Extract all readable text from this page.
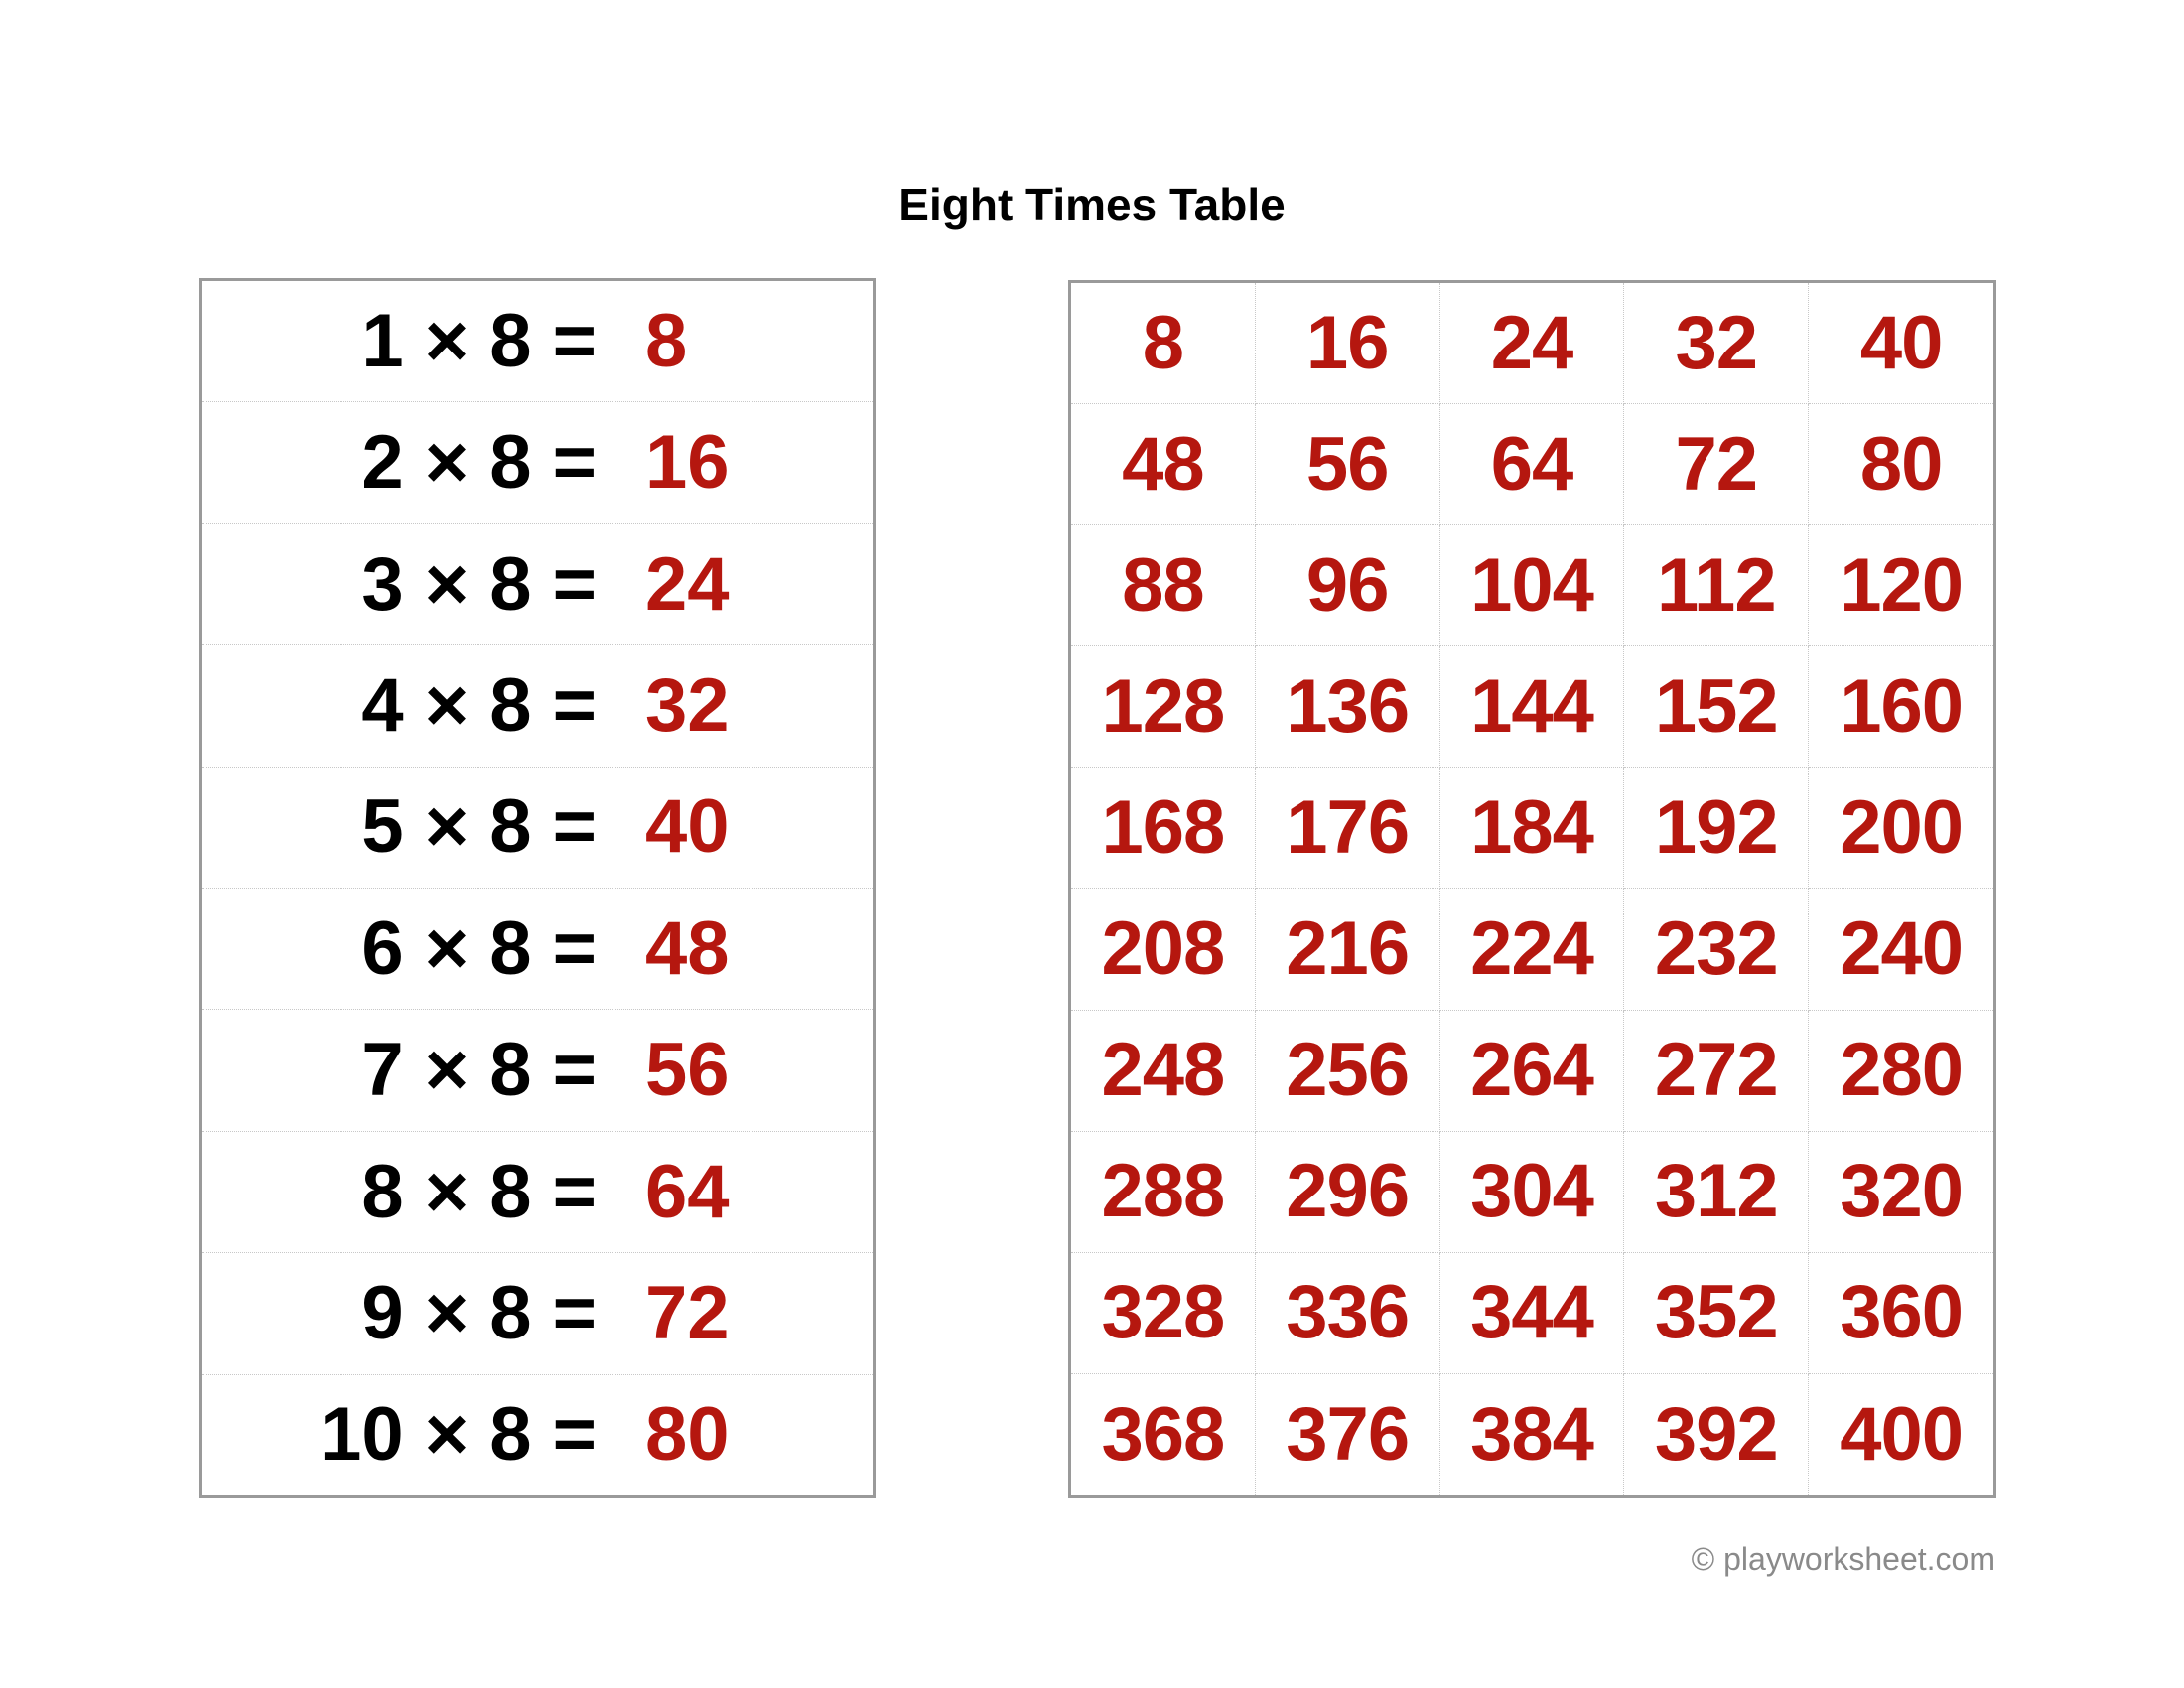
Eight Times Table
1 × 8 = 8
2 × 8 = 16
3 × 8 = 24
4 × 8 = 32
5 × 8 = 40
6 × 8 = 48
7 × 8 = 56
8 × 8 = 64
9 × 8 = 72
10 × 8 = 80
8	16	24	32	40
48	56	64	72	80
88	96	104 112 120
128 136 144 152 160
168 176 184 192 200
208 216 224 232 240
248 256 264 272 280
288 296 304 312 320
328 336 344 352 360
368 376 384 392 400
© playworksheet.com
